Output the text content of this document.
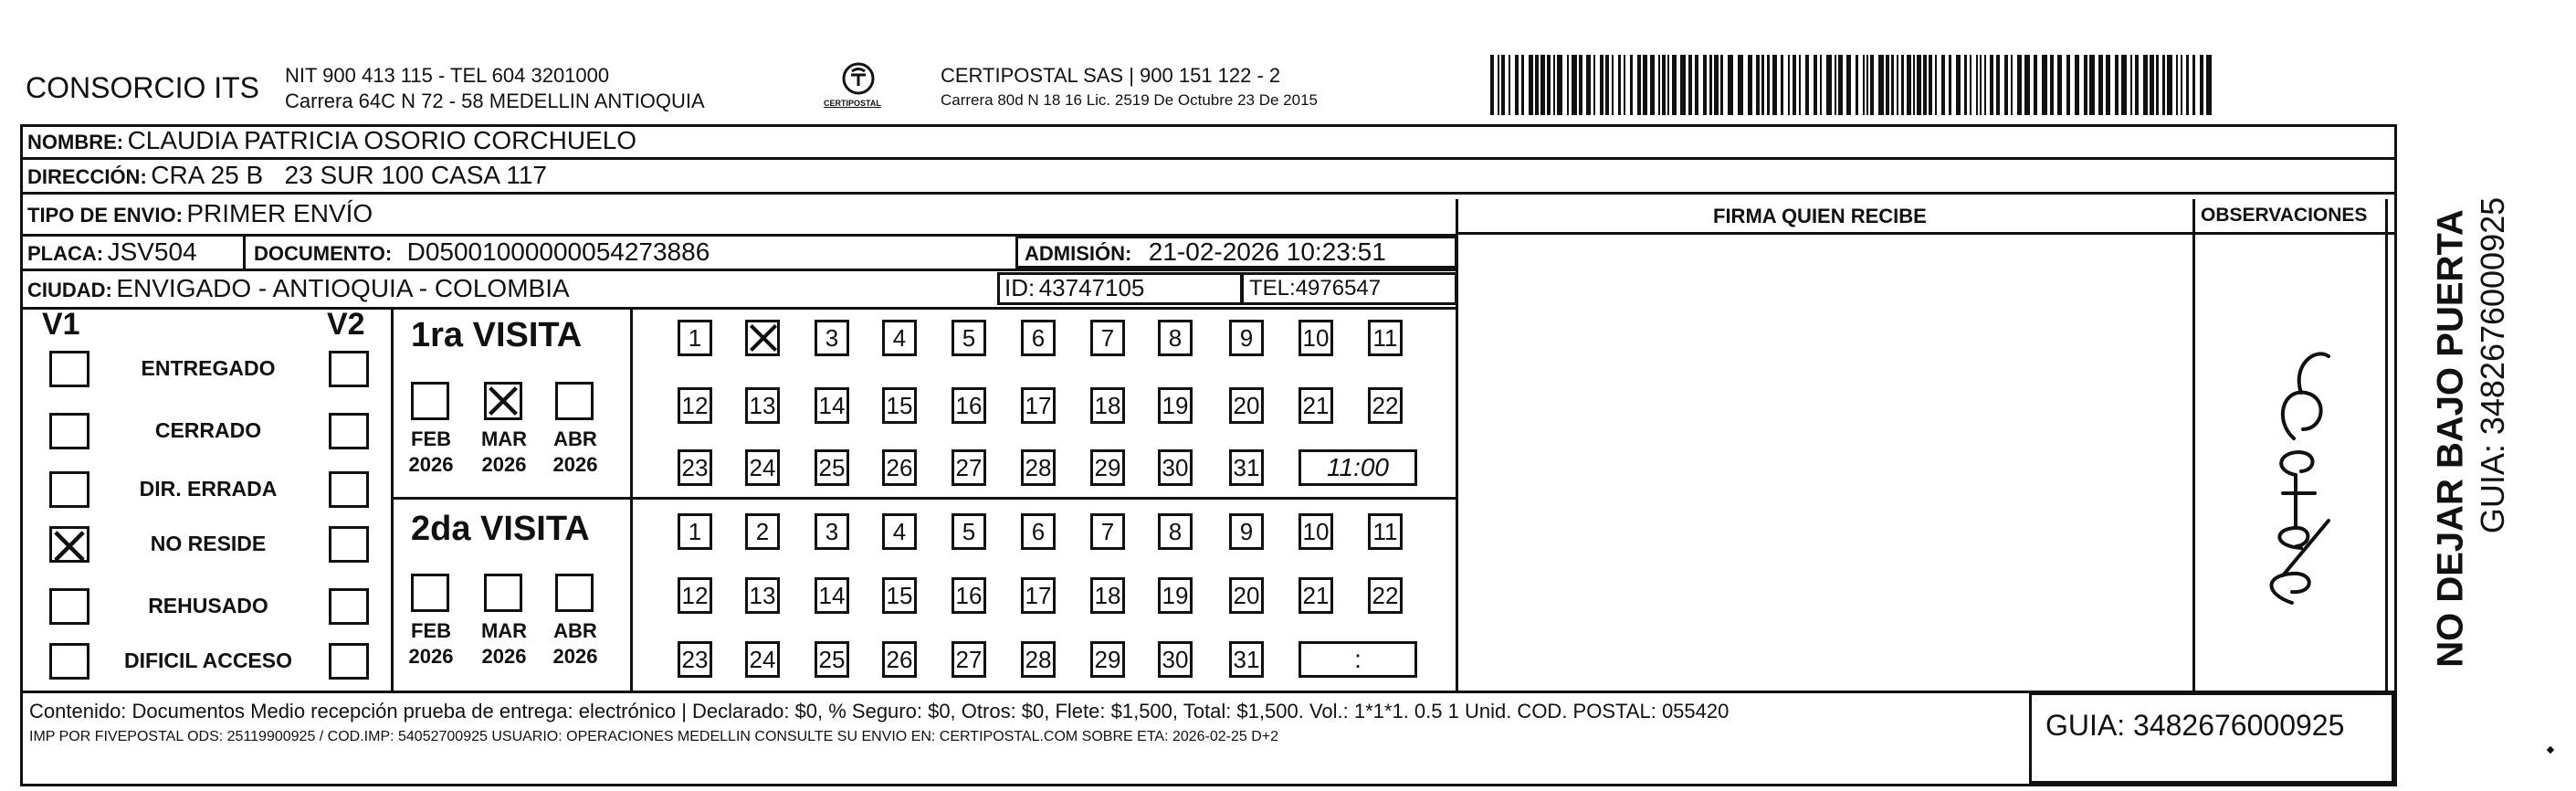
CONSORCIO ITS NIT 900 413 115 - TEL 604 3201000
Carrera 64C N 72 - 58 MEDELLIN ANTIOQUIA	CERTIPOSTAL
CERTIPOSTAL SAS | 900 151 122 - 2
Carrera 80d N 18 16 Lic. 2519 De Octubre 23 De 2015
NOMBRE: CLAUDIA PATRICIA OSORIO CORCHUELO
DIRECCIÓN: CRA 25 B   23 SUR 100 CASA 117
TIPO DE ENVIO: PRIMER ENVÍO
PLACA: JSV504	DOCUMENTO: D05001000000054273886	ADMISIÓN: 21-02-2026 10:23:51
CIUDAD: ENVIGADO - ANTIOQUIA - COLOMBIA	ID: 43747105	TEL:4976547
FIRMA QUIEN RECIBE	OBSERVACIONES
V1	V2
ENTREGADO
CERRADO
DIR. ERRADA
NO RESIDE
REHUSADO
DIFICIL ACCESO
1ra VISITA
2da VISITA
FEB
2026
MAR
2026
ABR
2026
FEB
2026
MAR
2026
ABR
2026
1	3	4	5	6	7	8	9	10 11
12 13 14 15 16 17 18 19 20 21 22
23 24 25 26 27 28 29 30 31	11:00
1	2	3	4	5	6	7	8	9	10 11
12 13 14 15 16 17 18 19 20 21 22
23 24 25 26 27 28 29 30 31	:
Contenido: Documentos Medio recepción prueba de entrega: electrónico | Declarado: $0, % Seguro: $0, Otros: $0, Flete: $1,500, Total: $1,500. Vol.: 1*1*1. 0.5 1 Unid. COD. POSTAL: 055420
IMP POR FIVEPOSTAL ODS: 25119900925 / COD.IMP: 54052700925 USUARIO: OPERACIONES MEDELLIN CONSULTE SU ENVIO EN: CERTIPOSTAL.COM SOBRE ETA: 2026-02-25 D+2	GUIA: 3482676000925
NO DEJAR BAJO PUERTA GUIA: 3482676000925
